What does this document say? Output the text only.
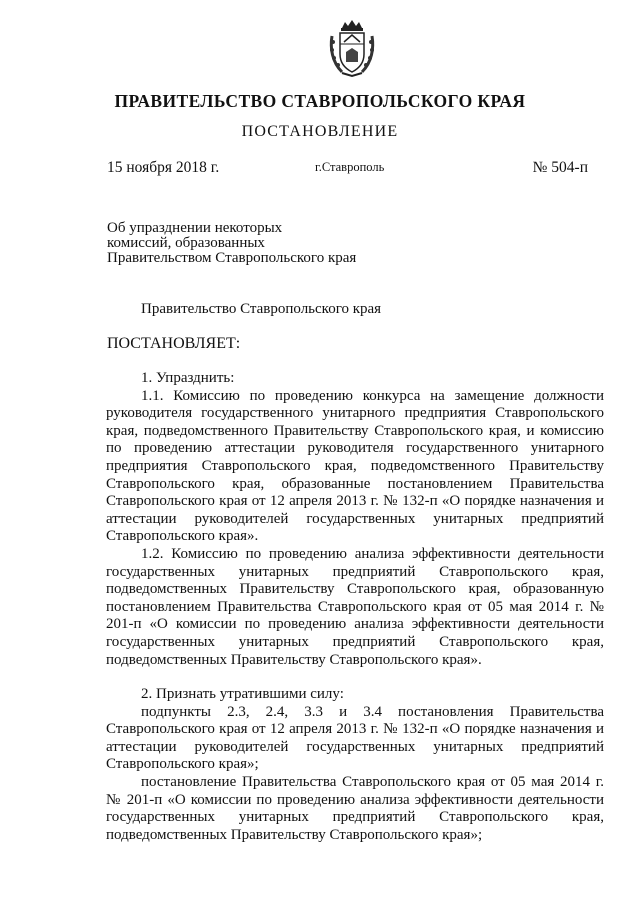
ПРАВИТЕЛЬСТВО СТАВРОПОЛЬСКОГО КРАЯ
ПОСТАНОВЛЕНИЕ
15 ноября 2018 г.	г.Ставрополь	№ 504-п
Об упразднении некоторых
комиссий, образованных
Правительством Ставропольского края
Правительство Ставропольского края
ПОСТАНОВЛЯЕТ:

1. Упразднить:

1.1. Комиссию по проведению конкурса на замещение должности руководителя государственного унитарного предприятия Ставропольского края, подведомственного Правительству Ставропольского края, и комиссию по проведению аттестации руководителя государственного унитарного предприятия Ставропольского края, подведомственного Правительству Ставропольского края, образованные постановлением Правительства Ставропольского края от 12 апреля 2013 г. № 132-п «О порядке назначения и аттестации руководителей государственных унитарных предприятий Ставропольского края».

1.2. Комиссию по проведению анализа эффективности деятельности государственных унитарных предприятий Ставропольского края, подведомственных Правительству Ставропольского края, образованную постановлением Правительства Ставропольского края от 05 мая 2014 г. № 201-п «О комиссии по проведению анализа эффективности деятельности государственных унитарных предприятий Ставропольского края, подведомственных Правительству Ставропольского края».

2. Признать утратившими силу:

подпункты 2.3, 2.4, 3.3 и 3.4 постановления Правительства Ставропольского края от 12 апреля 2013 г. № 132-п «О порядке назначения и аттестации руководителей государственных унитарных предприятий Ставропольского края»;

постановление Правительства Ставропольского края от 05 мая 2014 г. № 201-п «О комиссии по проведению анализа эффективности деятельности государственных унитарных предприятий Ставропольского края, подведомственных Правительству Ставропольского края»;
